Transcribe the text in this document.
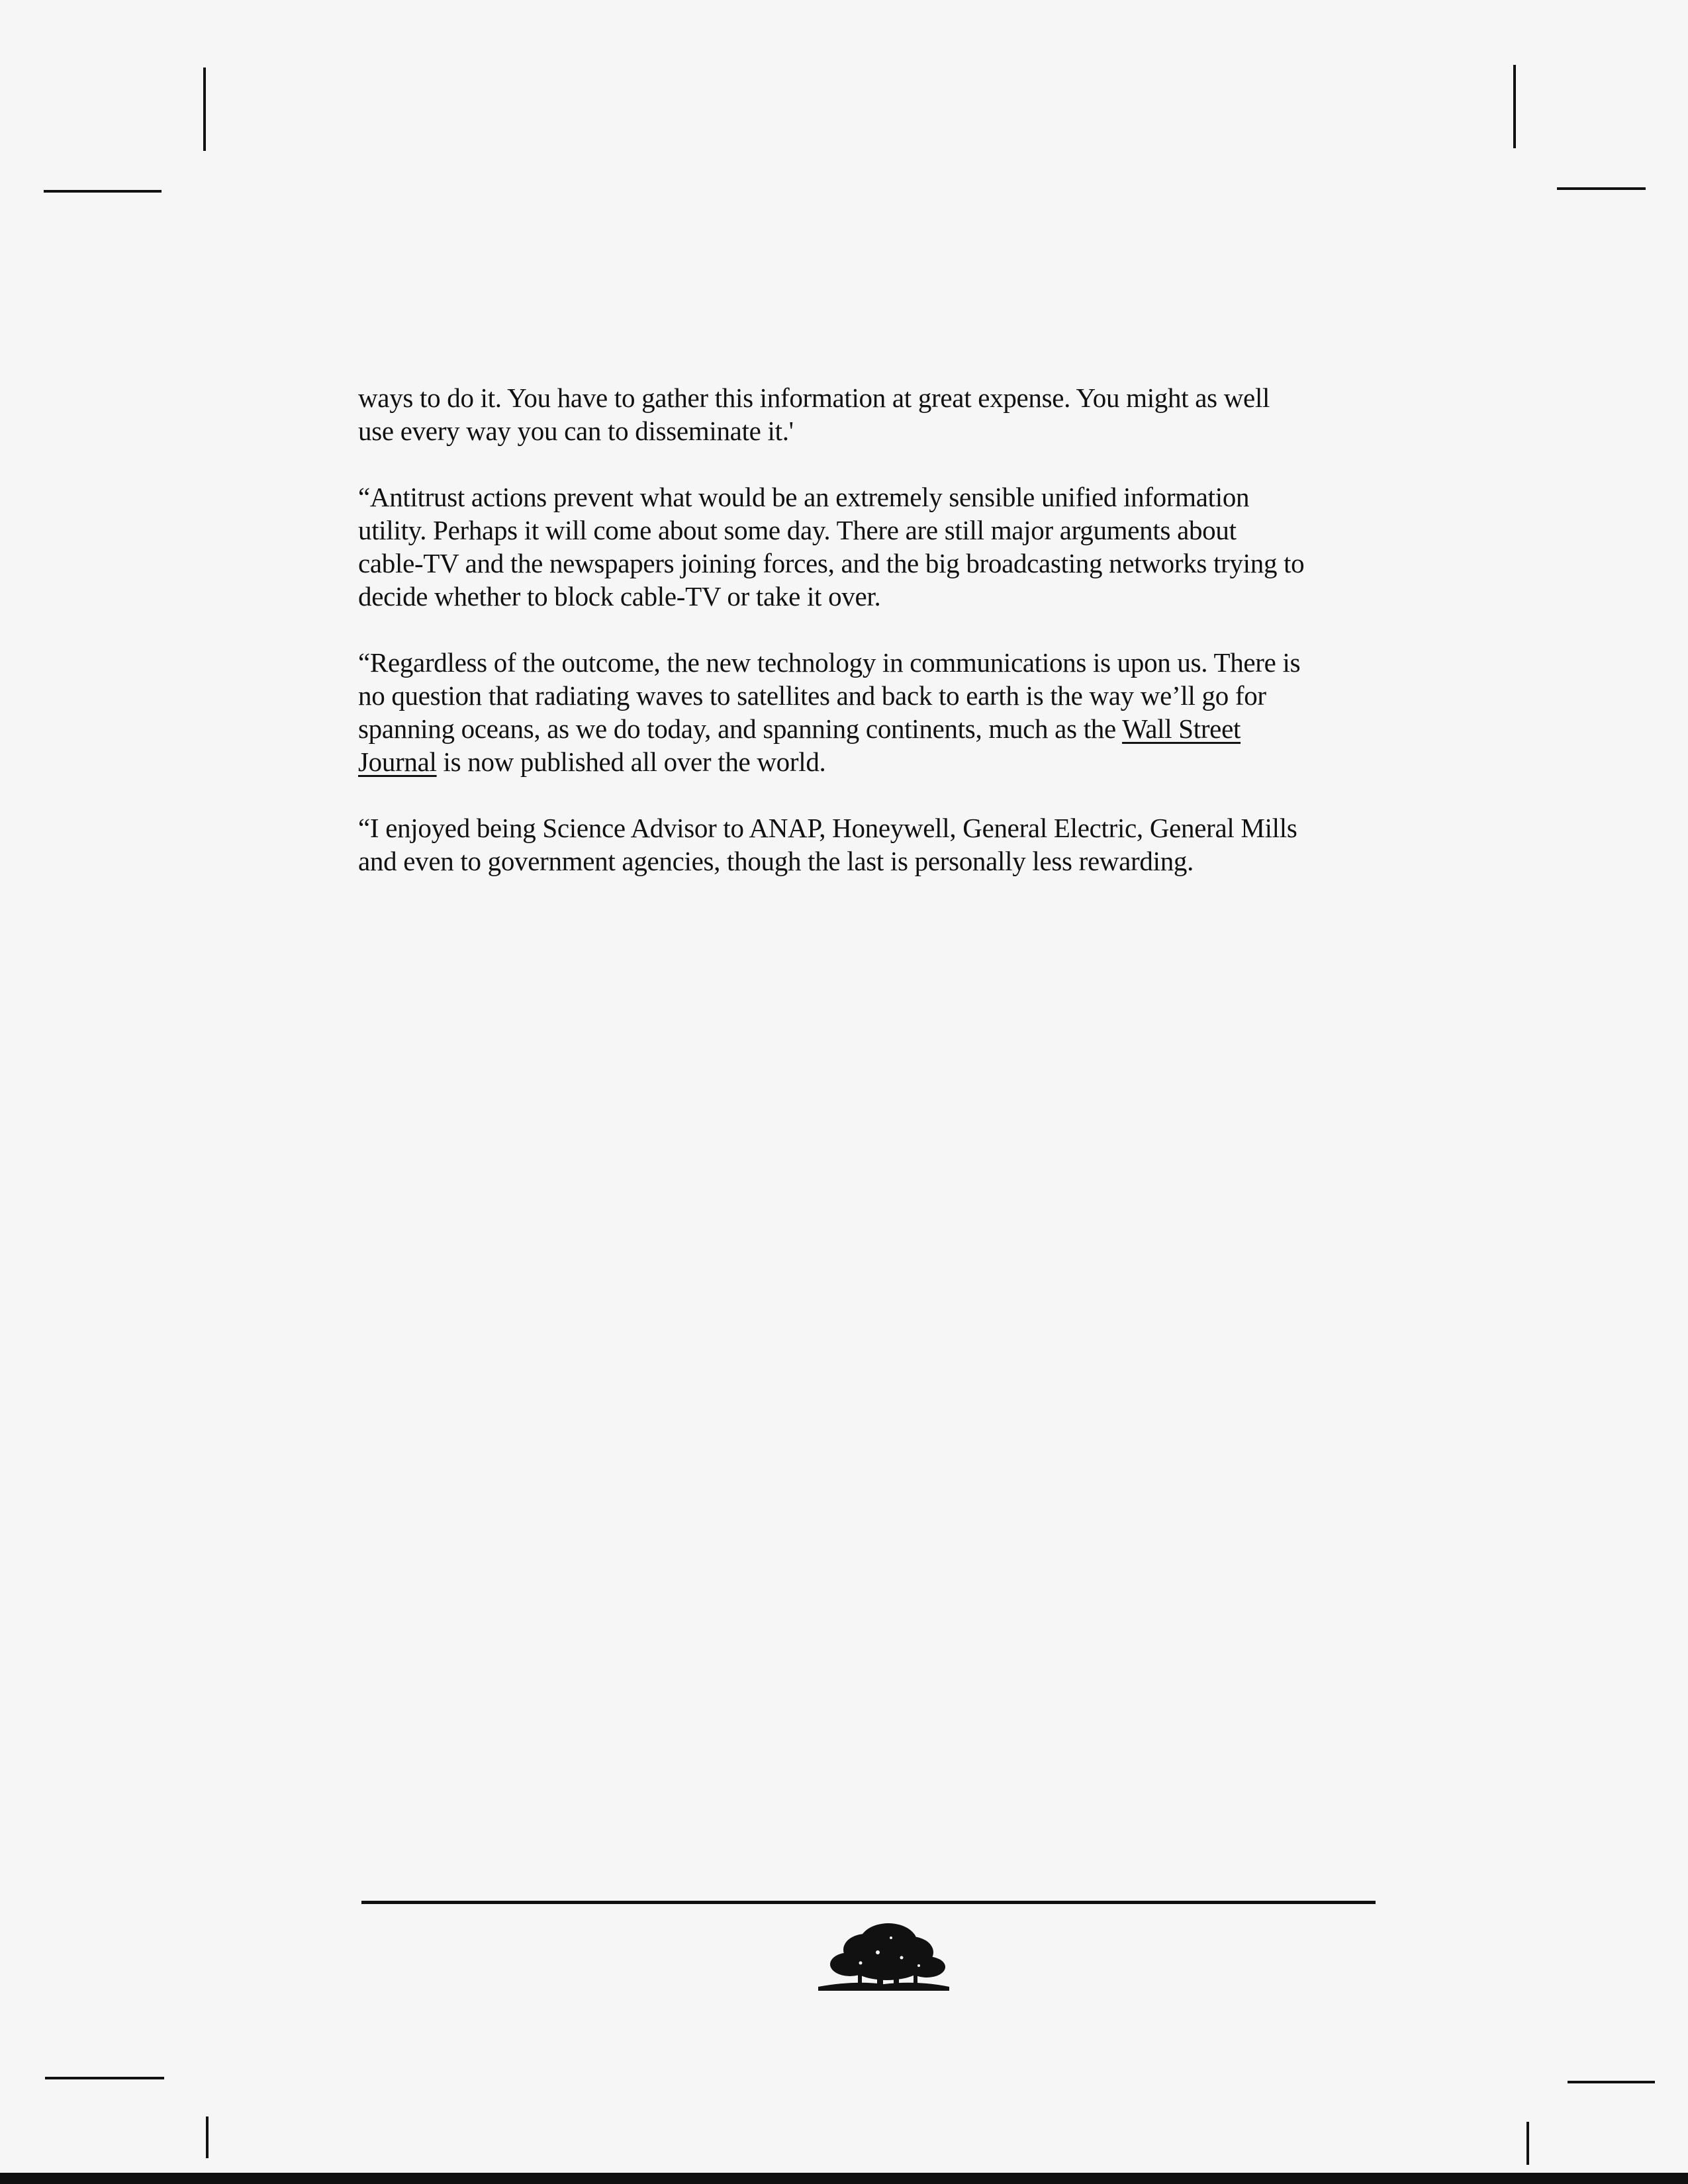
ways to do it. You have to gather this information at great expense. You might as well
use every way you can to disseminate it.'

“Antitrust actions prevent what would be an extremely sensible unified information
utility. Perhaps it will come about some day. There are still major arguments about
cable-TV and the newspapers joining forces, and the big broadcasting networks trying to
decide whether to block cable-TV or take it over.

“Regardless of the outcome, the new technology in communications is upon us. There is
no question that radiating waves to satellites and back to earth is the way we’ll go for
spanning oceans, as we do today, and spanning continents, much as the Wall Street
Journal is now published all over the world.

“I enjoyed being Science Advisor to ANAP, Honeywell, General Electric, General Mills
and even to government agencies, though the last is personally less rewarding.
